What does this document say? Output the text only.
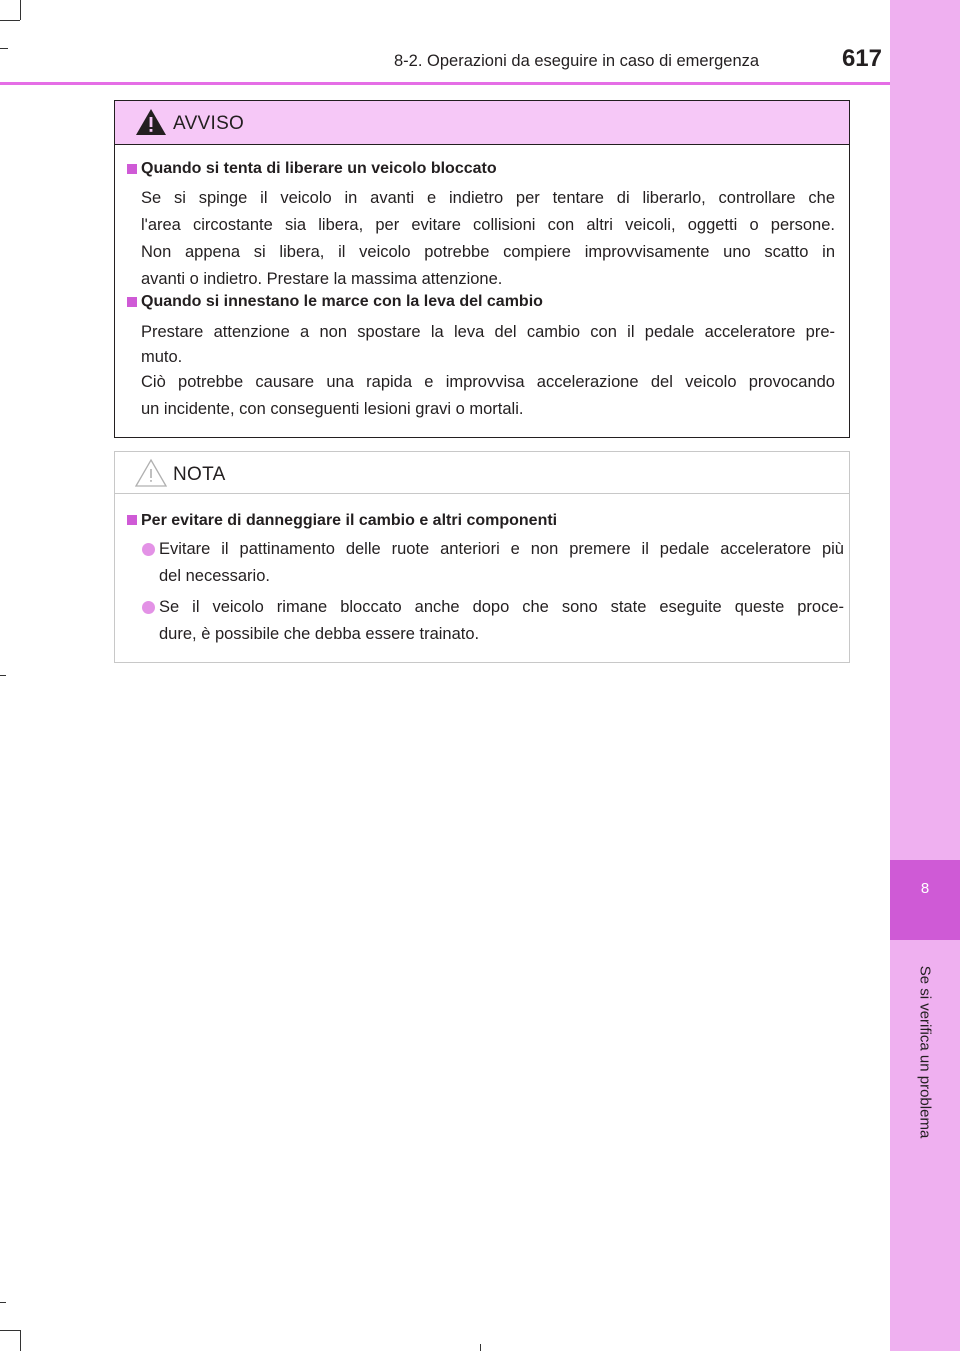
8-2. Operazioni da eseguire in caso di emergenza	617
8
Se si verifica un problema
AVVISO
Quando si tenta di liberare un veicolo bloccato
Se si spinge il veicolo in avanti e indietro per tentare di liberarlo, controllare che
l'area circostante sia libera, per evitare collisioni con altri veicoli, oggetti o persone.
Non appena si libera, il veicolo potrebbe compiere improvvisamente uno scatto in
avanti o indietro. Prestare la massima attenzione.
Quando si innestano le marce con la leva del cambio
Prestare attenzione a non spostare la leva del cambio con il pedale acceleratore pre-
muto.
Ciò potrebbe causare una rapida e improvvisa accelerazione del veicolo provocando
un incidente, con conseguenti lesioni gravi o mortali.
NOTA
Per evitare di danneggiare il cambio e altri componenti
Evitare il pattinamento delle ruote anteriori e non premere il pedale acceleratore più
del necessario.
Se il veicolo rimane bloccato anche dopo che sono state eseguite queste proce-
dure, è possibile che debba essere trainato.
